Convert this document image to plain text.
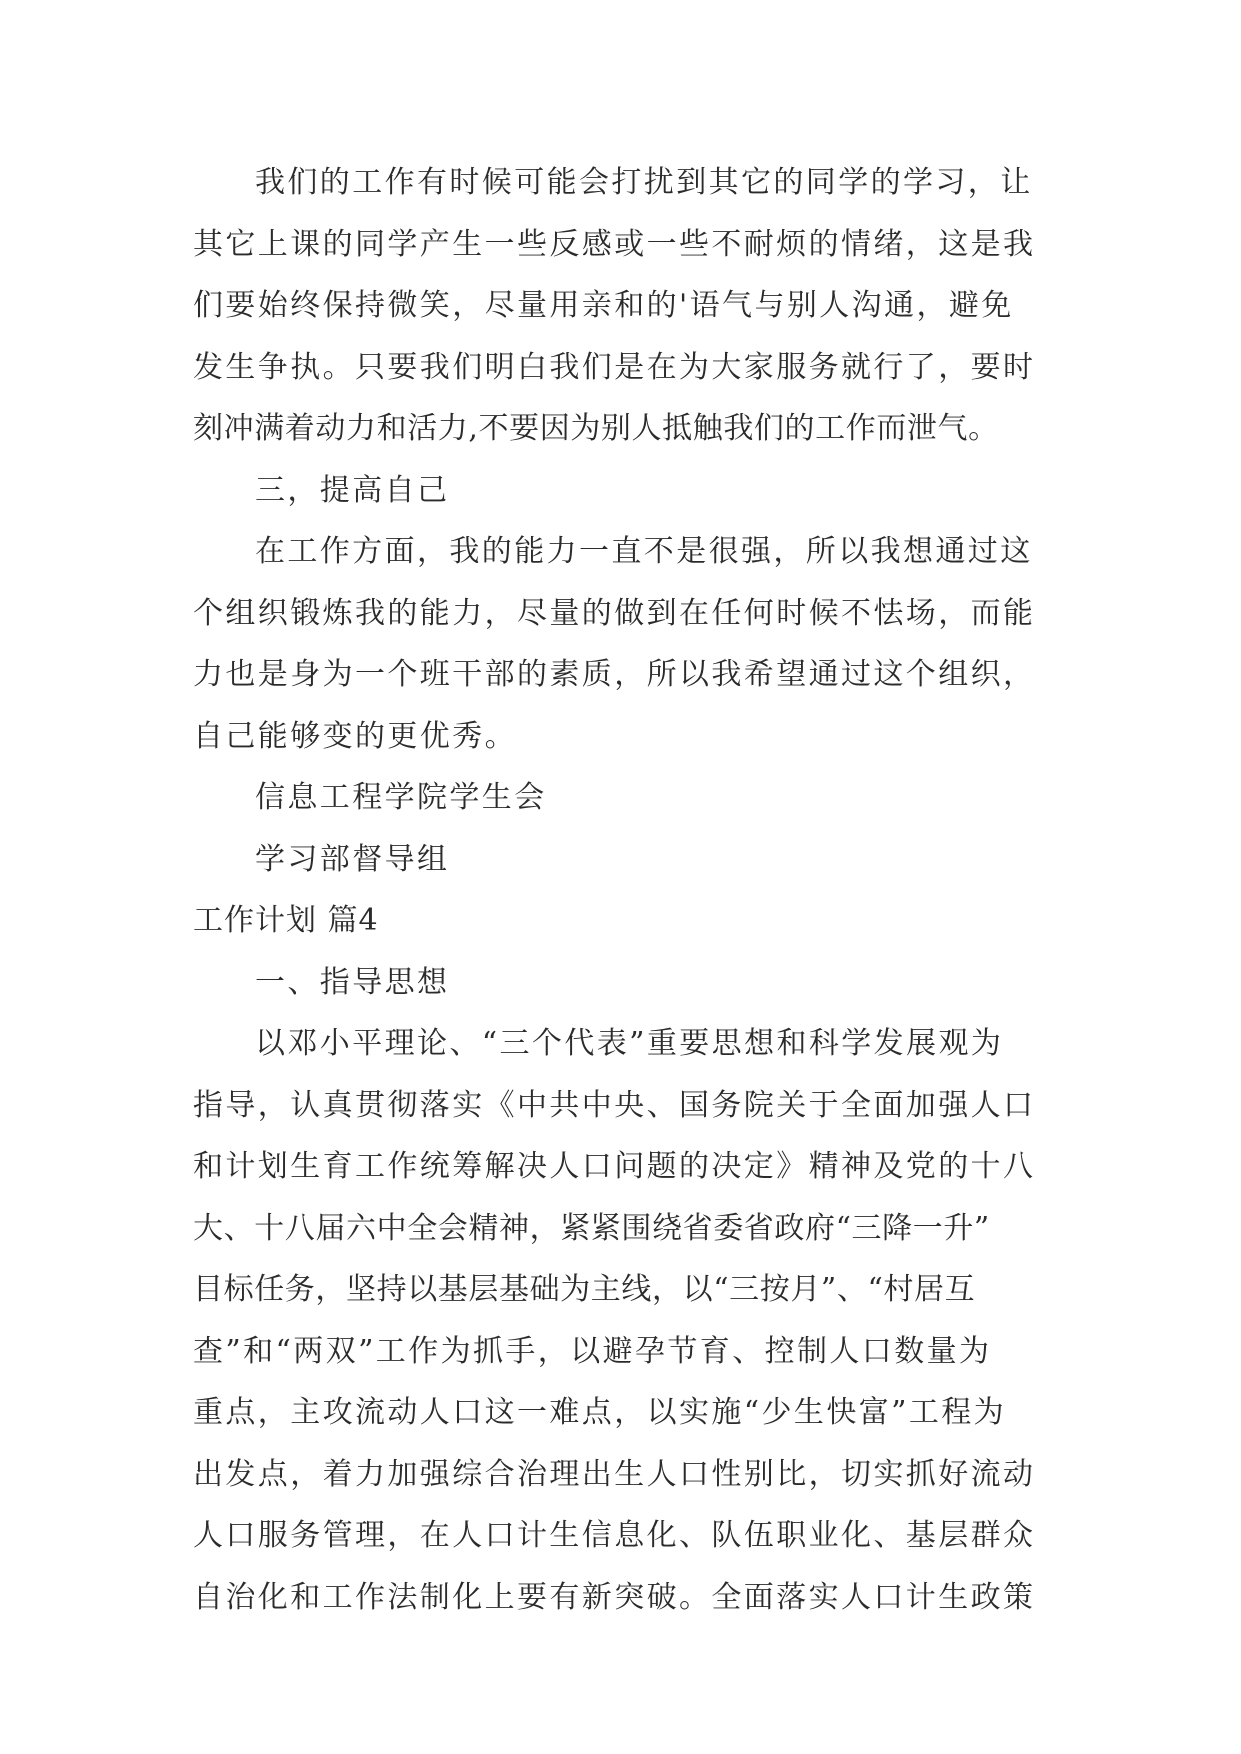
我们的工作有时候可能会打扰到其它的同学的学习，让
其它上课的同学产生一些反感或一些不耐烦的情绪，这是我
们要始终保持微笑，尽量用亲和的'语气与别人沟通，避免
发生争执。只要我们明白我们是在为大家服务就行了，要时
刻冲满着动力和活力,不要因为别人抵触我们的工作而泄气。
三，提高自己
在工作方面，我的能力一直不是很强，所以我想通过这
个组织锻炼我的能力，尽量的做到在任何时候不怯场，而能
力也是身为一个班干部的素质，所以我希望通过这个组织，
自己能够变的更优秀。
信息工程学院学生会
学习部督导组
工作计划 篇4
一、指导思想
以邓小平理论、“三个代表”重要思想和科学发展观为
指导，认真贯彻落实《中共中央、国务院关于全面加强人口
和计划生育工作统筹解决人口问题的决定》精神及党的十八
大、十八届六中全会精神，紧紧围绕省委省政府“三降一升”
目标任务，坚持以基层基础为主线，以“三按月”、“村居互
查”和“两双”工作为抓手，以避孕节育、控制人口数量为
重点，主攻流动人口这一难点，以实施“少生快富”工程为
出发点，着力加强综合治理出生人口性别比，切实抓好流动
人口服务管理，在人口计生信息化、队伍职业化、基层群众
自治化和工作法制化上要有新突破。全面落实人口计生政策
